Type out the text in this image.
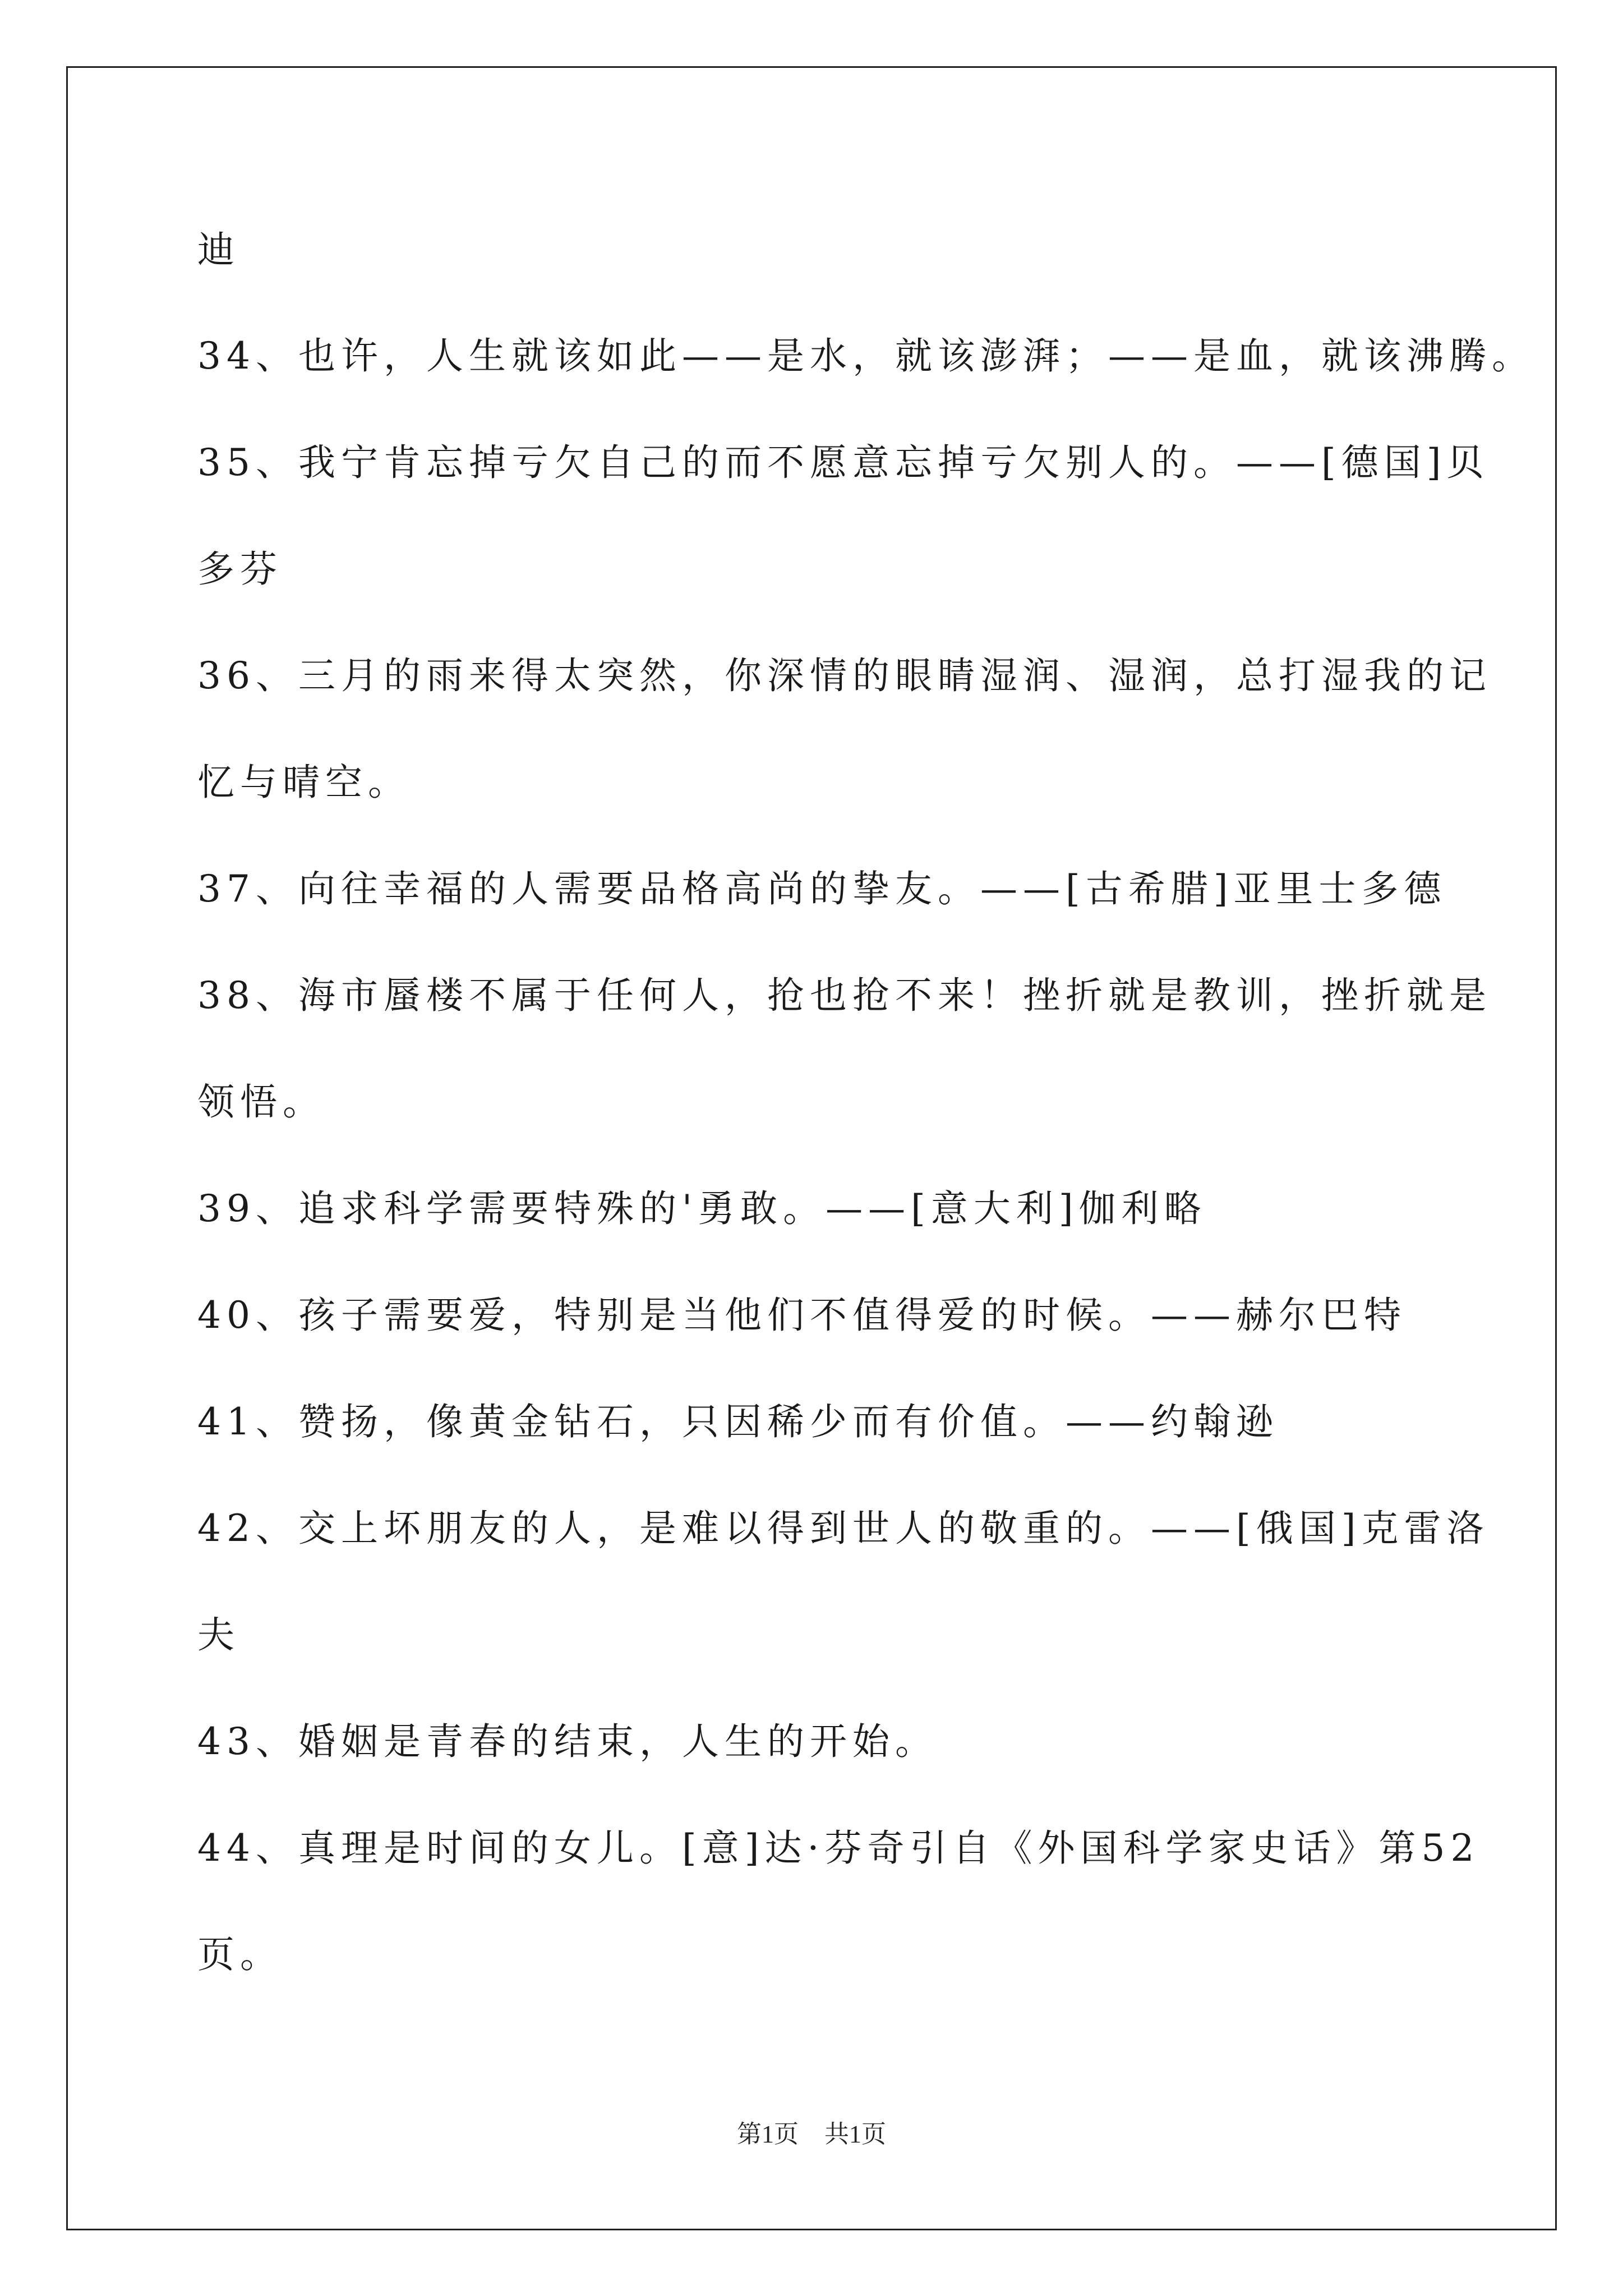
迪
34、也许，人生就该如此——是水，就该澎湃；——是血，就该沸腾。
35、我宁肯忘掉亏欠自己的而不愿意忘掉亏欠别人的。——[德国]贝
多芬
36、三月的雨来得太突然，你深情的眼睛湿润、湿润，总打湿我的记
忆与晴空。
37、向往幸福的人需要品格高尚的挚友。——[古希腊]亚里士多德
38、海市蜃楼不属于任何人，抢也抢不来！挫折就是教训，挫折就是
领悟。
39、追求科学需要特殊的'勇敢。——[意大利]伽利略
40、孩子需要爱，特别是当他们不值得爱的时候。——赫尔巴特
41、赞扬，像黄金钻石，只因稀少而有价值。——约翰逊
42、交上坏朋友的人，是难以得到世人的敬重的。——[俄国]克雷洛
夫
43、婚姻是青春的结束，人生的开始。
44、真理是时间的女儿。[意]达·芬奇引自《外国科学家史话》第52
页。
第1页 共1页
